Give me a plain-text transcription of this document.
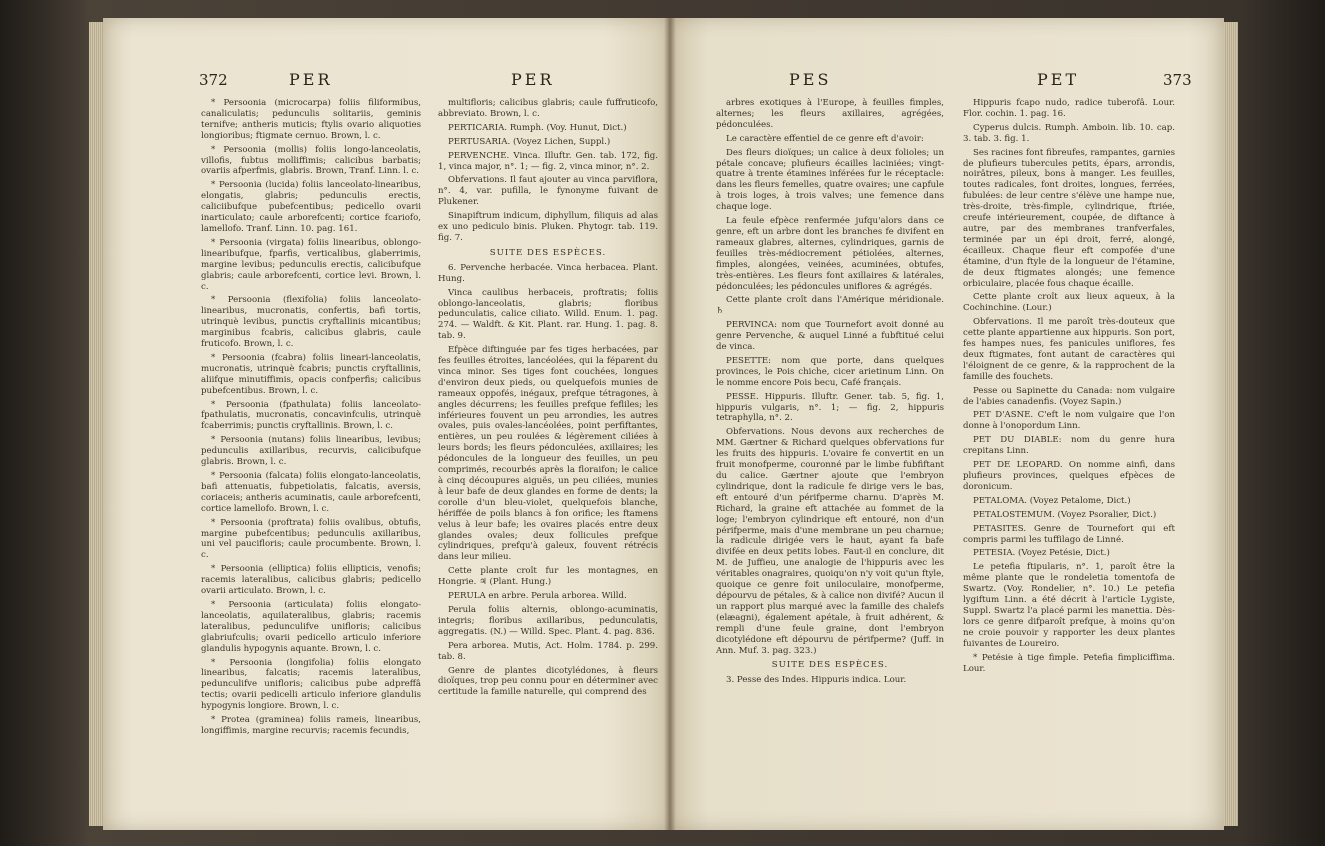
372	PER	PER

* Persoonia (microcarpa) foliis filiformibus, canaliculatis; pedunculis solitariis, geminis ternifve; antheris muticis; ftylis ovario aliquoties longioribus; ftigmate cernuo. Brown, l. c.

* Persoonia (mollis) foliis longo-lanceolatis, villofis, fubtus molliffimis; calicibus barbatis; ovariis afperfmis, glabris. Brown, Tranf. Linn. l. c.

* Persoonia (lucida) foliis lanceolato-linearibus, elongatis, glabris; pedunculis erectis, caliciibufque pubefcentibus; pedicello ovarii inarticulato; caule arborefcenti; cortice fcariofo, lamellofo. Tranf. Linn. 10. pag. 161.

* Persoonia (virgata) foliis linearibus, oblongo-linearibufque, fparfis, verticalibus, glaberrimis, margine levibus; pedunculis erectis, calicibufque glabris; caule arborefcenti, cortice levi. Brown, l. c.

* Persoonia (flexifolia) foliis lanceolato-linearibus, mucronatis, confertis, bafi tortis, utrinquè levibus, punctis cryftallinis micantibus; marginibus fcabris, calicibus glabris, caule fruticofo. Brown, l. c.

* Persoonia (fcabra) foliis lineari-lanceolatis, mucronatis, utrinquè fcabris; punctis cryftallinis, aliifque minutiffimis, opacis confperfis; calicibus pubefcentibus. Brown, l. c.

* Persoonia (fpathulata) foliis lanceolato-fpathulatis, mucronatis, concavinfculis, utrinquè fcaberrimis; punctis cryftallinis. Brown, l. c.

* Persoonia (nutans) foliis linearibus, levibus; pedunculis axillaribus, recurvis, calicibufque glabris. Brown, l. c.

* Persoonia (falcata) foliis elongato-lanceolatis, bafi attenuatis, fubpetiolatis, falcatis, aversis, coriaceis; antheris acuminatis, caule arborefcenti, cortice lamellofo. Brown, l. c.

* Persoonia (proftrata) foliis ovalibus, obtufis, margine pubefcentibus; pedunculis axillaribus, uni vel paucifloris; caule procumbente. Brown, l. c.

* Persoonia (elliptica) foliis ellipticis, venofis; racemis lateralibus, calicibus glabris; pedicello ovarii articulato. Brown, l. c.

* Persoonia (articulata) foliis elongato-lanceolatis, aquilateralibus, glabris; racemis lateralibus, pedunculifve unifloris; calicibus glabriufculis; ovarii pedicello articulo inferiore glandulis hypogynis aquante. Brown, l. c.

* Persoonia (longifolia) foliis elongato linearibus, falcatis; racemis lateralibus, pedunculifve unifloris; calicibus pube adpreffâ tectis; ovarii pedicelli articulo inferiore glandulis hypogynis longiore. Brown, l. c.

* Protea (graminea) foliis rameis, linearibus, longiffimis, margine recurvis; racemis fecundis,

multifloris; calicibus glabris; caule fuffruticofo, abbreviato. Brown, l. c.

PERTICARIA. Rumph. (Voy. Hunut, Dict.)

PERTUSARIA. (Voyez Lichen, Suppl.)

PERVENCHE. Vinca. Illuftr. Gen. tab. 172, fig. 1, vinca major, n°. 1; — fig. 2, vinca minor, n°. 2.

Obfervations. Il faut ajouter au vinca parviflora, n°. 4, var. pufilla, le fynonyme fuivant de Plukener.

Sinapiftrum indicum, diphyllum, filiquis ad alas ex uno pediculo binis. Pluken. Phytogr. tab. 119. fig. 7.

SUITE DES ESPÈCES.

6. Pervenche herbacée. Vinca herbacea. Plant. Hung.

Vinca caulibus herbaceis, proftratis; foliis oblongo-lanceolatis, glabris; floribus pedunculatis, calice ciliato. Willd. Enum. 1. pag. 274. — Waldft. & Kit. Plant. rar. Hung. 1. pag. 8. tab. 9.

Efpèce diftinguée par fes tiges herbacées, par fes feuilles étroites, lancéolées, qui la féparent du vinca minor. Ses tiges font couchées, longues d'environ deux pieds, ou quelquefois munies de rameaux oppofés, inégaux, prefque tétragones, à angles décurrens; les feuilles prefque fefliles; les inférieures fouvent un peu arrondies, les autres ovales, puis ovales-lancéolées, point perfiftantes, entières, un peu roulées & légèrement ciliées à leurs bords; les fleurs pédonculées, axillaires; les pédoncules de la longueur des feuilles, un peu comprimés, recourbés après la floraifon; le calice à cinq découpures aiguës, un peu ciliées, munies à leur bafe de deux glandes en forme de dents; la corolle d'un bleu-violet, quelquefois blanche, hériffée de poils blancs à fon orifice; les ftamens velus à leur bafe; les ovaires placés entre deux glandes ovales; deux follicules prefque cylindriques, prefqu'à galeux, fouvent rétrécis dans leur milieu.

Cette plante croît fur les montagnes, en Hongrie. ♃ (Plant. Hung.)

PERULA en arbre. Perula arborea. Willd.

Perula foliis alternis, oblongo-acuminatis, integris; floribus axillaribus, pedunculatis, aggregatis. (N.) — Willd. Spec. Plant. 4. pag. 836.

Pera arborea. Mutis, Act. Holm. 1784. p. 299. tab. 8.

Genre de plantes dicotylédones, à fleurs dioïques, trop peu connu pour en déterminer avec certitude la famille naturelle, qui comprend des

PES	PET	373

arbres exotiques à l'Europe, à feuilles fimples, alternes; les fleurs axillaires, agrégées, pédonculées.

Le caractère effentiel de ce genre eft d'avoir:

Des fleurs dioïques; un calice à deux folioles; un pétale concave; plufieurs écailles laciniées; vingt-quatre à trente étamines inférées fur le réceptacle: dans les fleurs femelles, quatre ovaires; une capfule à trois loges, à trois valves; une femence dans chaque loge.

La feule efpèce renfermée jufqu'alors dans ce genre, eft un arbre dont les branches fe divifent en rameaux glabres, alternes, cylindriques, garnis de feuilles très-médiocrement pétiolées, alternes, fimples, alongées, veinées, acuminées, obtufes, très-entières. Les fleurs font axillaires & latérales, pédonculées; les pédoncules uniflores & agrégés.

Cette plante croît dans l'Amérique méridionale. ♄

PERVINCA: nom que Tournefort avoit donné au genre Pervenche, & auquel Linné a fubftitué celui de vinca.

PESETTE: nom que porte, dans quelques provinces, le Pois chiche, cicer arietinum Linn. On le nomme encore Pois becu, Café français.

PESSE. Hippuris. Illuftr. Gener. tab. 5, fig. 1, hippuris vulgaris, n°. 1; — fig. 2, hippuris tetraphylla, n°. 2.

Obfervations. Nous devons aux recherches de MM. Gærtner & Richard quelques obfervations fur les fruits des hippuris. L'ovaire fe convertit en un fruit monofperme, couronné par le limbe fubfiftant du calice. Gærtner ajoute que l'embryon cylindrique, dont la radicule fe dirige vers le bas, eft entouré d'un périfperme charnu. D'après M. Richard, la graine eft attachée au fommet de la loge; l'embryon cylindrique eft entouré, non d'un périfperme, mais d'une membrane un peu charnue; la radicule dirigée vers le haut, ayant fa bafe divifée en deux petits lobes. Faut-il en conclure, dit M. de Juffieu, une analogie de l'hippuris avec les véritables onagraires, quoiqu'on n'y voit qu'un ftyle, quoique ce genre foit uniloculaire, monofperme, dépourvu de pétales, & à calice non divifé? Aucun il un rapport plus marqué avec la famille des chalefs (elæagni), également apétale, à fruit adhérent, & rempli d'une feule graine, dont l'embryon dicotylédone eft dépourvu de périfperme? (Juff. in Ann. Muf. 3. pag. 323.)

SUITE DES ESPÈCES.

3. Pesse des Indes. Hippuris indica. Lour.

Hippuris fcapo nudo, radice tuberofâ. Lour. Flor. cochin. 1. pag. 16.

Cyperus dulcis. Rumph. Amboin. lib. 10. cap. 3. tab. 3. fig. 1.

Ses racines font fibreufes, rampantes, garnies de plufieurs tubercules petits, épars, arrondis, noirâtres, pileux, bons à manger. Les feuilles, toutes radicales, font droites, longues, ferrées, fubulées: de leur centre s'élève une hampe nue, très-droite, très-fimple, cylindrique, ftriée, creufe intérieurement, coupée, de diftance à autre, par des membranes tranfverfales, terminée par un épi droit, ferré, alongé, écailleux. Chaque fleur eft compofée d'une étamine, d'un ftyle de la longueur de l'étamine, de deux ftigmates alongés; une femence orbiculaire, placée fous chaque écaille.

Cette plante croît aux lieux aqueux, à la Cochinchine. (Lour.)

Obfervations. Il me paroît très-douteux que cette plante appartienne aux hippuris. Son port, fes hampes nues, fes panicules uniflores, fes deux ftigmates, font autant de caractères qui l'éloignent de ce genre, & la rapprochent de la famille des fouchets.

Pesse ou Sapinette du Canada: nom vulgaire de l'abies canadenfis. (Voyez Sapin.)

PET D'ASNE. C'eft le nom vulgaire que l'on donne à l'onopordum Linn.

PET DU DIABLE: nom du genre hura crepitans Linn.

PET DE LEOPARD. On nomme ainfi, dans plufieurs provinces, quelques efpèces de doronicum.

PETALOMA. (Voyez Petalome, Dict.)

PETALOSTEMUM. (Voyez Psoralier, Dict.)

PETASITES. Genre de Tournefort qui eft compris parmi les tuffilago de Linné.

PETESIA. (Voyez Petésie, Dict.)

Le petefia ftipularis, n°. 1, paroît être la même plante que le rondeletia tomentofa de Swartz. (Voy. Rondelier, n°. 10.) Le petefia lygiftum Linn. a été décrit à l'article Lygiste, Suppl. Swartz l'a placé parmi les manettia. Dès-lors ce genre difparoît prefque, à moins qu'on ne croie pouvoir y rapporter les deux plantes fuivantes de Loureiro.

* Petésie à tige fimple. Petefia fimpliciffima. Lour.
